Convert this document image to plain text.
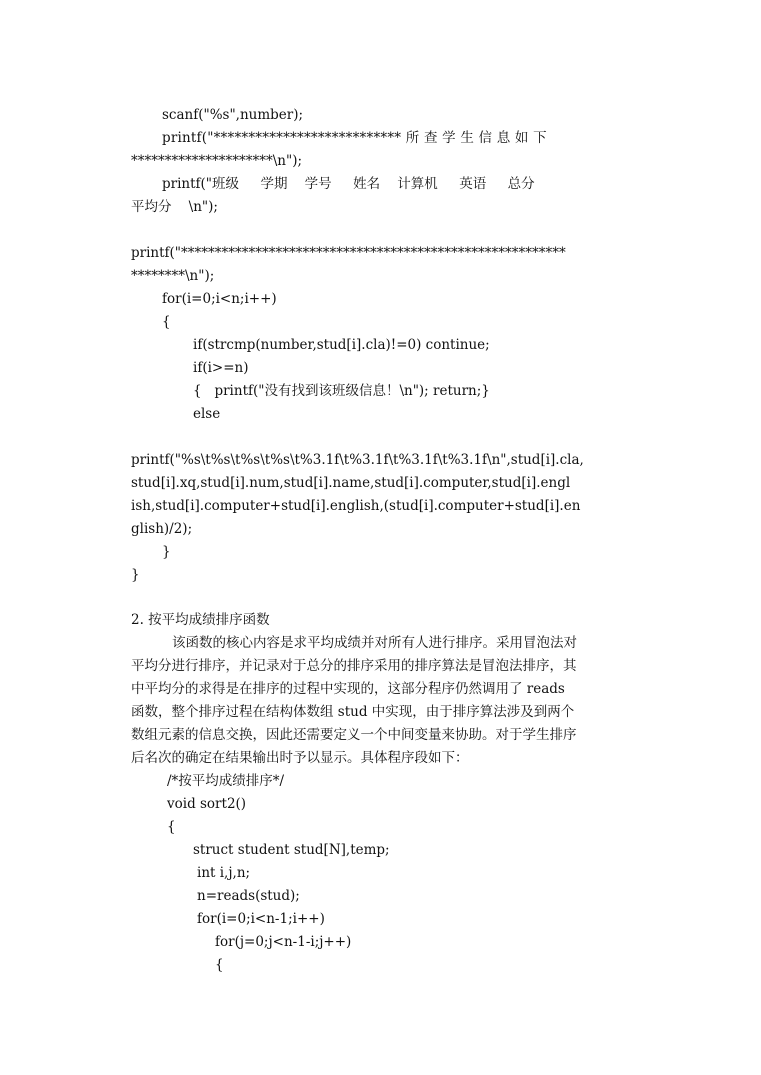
scanf("%s",number);
printf("*************************** 所 查 学 生 信 息 如 下
*********************\n");
printf("班级     学期    学号     姓名    计算机     英语     总分
平均分    \n");
printf("*********************************************************
********\n");
for(i=0;i<n;i++)
{
if(strcmp(number,stud[i].cla)!=0) continue;
if(i>=n)
{   printf("没有找到该班级信息！\n"); return;}
else
printf("%s\t%s\t%s\t%s\t%3.1f\t%3.1f\t%3.1f\t%3.1f\n",stud[i].cla,
stud[i].xq,stud[i].num,stud[i].name,stud[i].computer,stud[i].engl
ish,stud[i].computer+stud[i].english,(stud[i].computer+stud[i].en
glish)/2);
}
}
2. 按平均成绩排序函数
该函数的核心内容是求平均成绩并对所有人进行排序。采用冒泡法对
平均分进行排序，并记录对于总分的排序采用的排序算法是冒泡法排序，其
中平均分的求得是在排序的过程中实现的，这部分程序仍然调用了 reads
函数，整个排序过程在结构体数组 stud 中实现，由于排序算法涉及到两个
数组元素的信息交换，因此还需要定义一个中间变量来协助。对于学生排序
后名次的确定在结果输出时予以显示。具体程序段如下：
/*按平均成绩排序*/
void sort2()
{
struct student stud[N],temp;
int i,j,n;
n=reads(stud);
for(i=0;i<n-1;i++)
for(j=0;j<n-1-i;j++)
{
